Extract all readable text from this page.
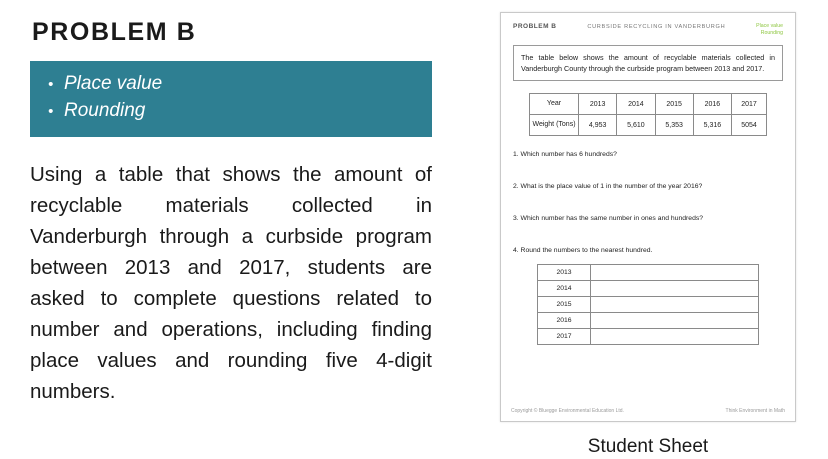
PROBLEM B
• Place value
• Rounding

Using a table that shows the amount of recyclable materials collected in Vanderburgh through a curbside program between 2013 and 2017, students are asked to complete questions related to number and operations, including finding place values and rounding five 4-digit numbers.

PROBLEM B	CURBSIDE RECYCLING IN VANDERBURGH	Place value
Rounding
The table below shows the amount of recyclable materials collected in Vanderburgh County through the curbside program between 2013 and 2017.
Year	2013	2014	2015	2016	2017
Weight (Tons)	4,953	5,610	5,353	5,316	5054

1. Which number has 6 hundreds?

2. What is the place value of 1 in the number of the year 2016?

3. Which number has the same number in ones and hundreds?

4. Round the numbers to the nearest hundred.

2013	
2014	
2015	
2016	
2017	
Copyright © Bluegge Environmental Education Ltd.	Think Environment in Math
Student Sheet
